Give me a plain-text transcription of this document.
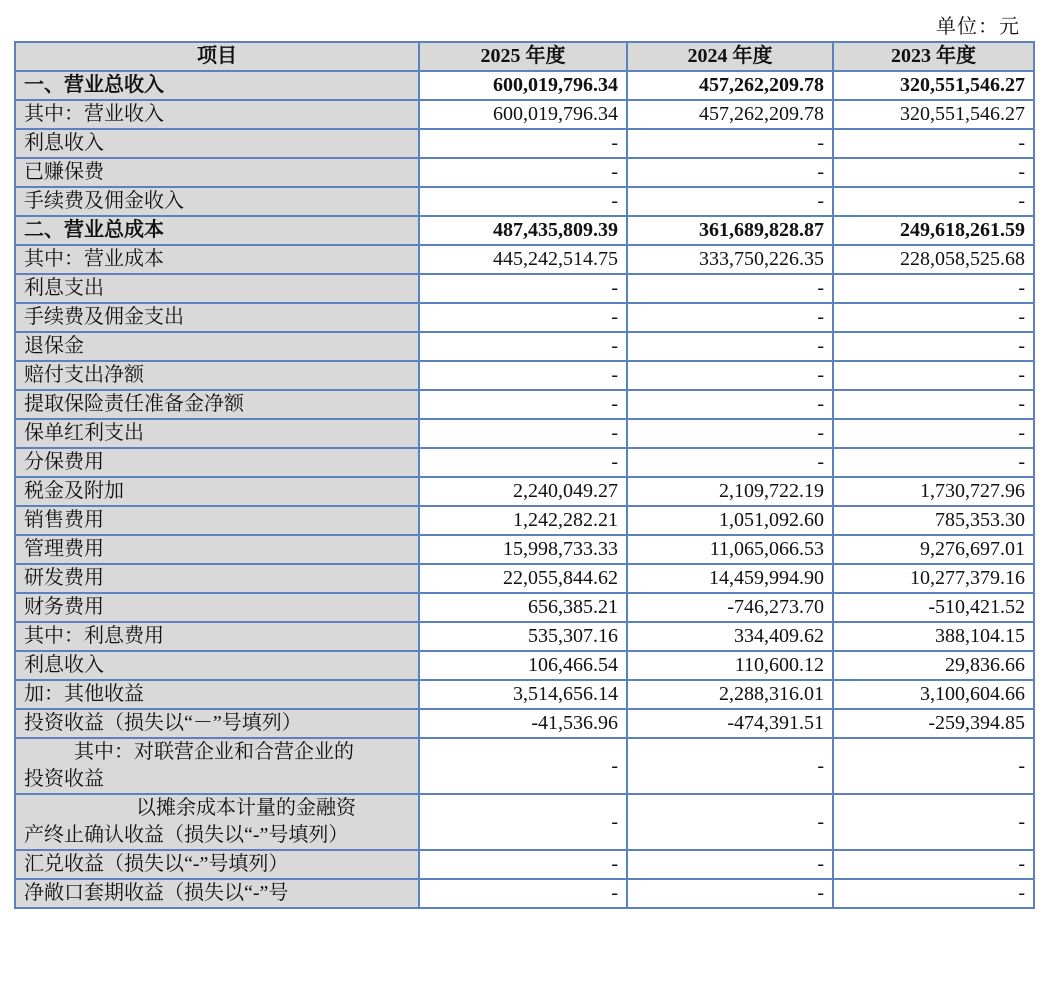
单位：元
项目	2025 年度	2024 年度	2023 年度
一、营业总收入	600,019,796.34	457,262,209.78	320,551,546.27
其中：营业收入	600,019,796.34	457,262,209.78	320,551,546.27
利息收入	-	-	-
已赚保费	-	-	-
手续费及佣金收入	-	-	-
二、营业总成本	487,435,809.39	361,689,828.87	249,618,261.59
其中：营业成本	445,242,514.75	333,750,226.35	228,058,525.68
利息支出	-	-	-
手续费及佣金支出	-	-	-
退保金	-	-	-
赔付支出净额	-	-	-
提取保险责任准备金净额	-	-	-
保单红利支出	-	-	-
分保费用	-	-	-
税金及附加	2,240,049.27	2,109,722.19	1,730,727.96
销售费用	1,242,282.21	1,051,092.60	785,353.30
管理费用	15,998,733.33	11,065,066.53	9,276,697.01
研发费用	22,055,844.62	14,459,994.90	10,277,379.16
财务费用	656,385.21	-746,273.70	-510,421.52
其中：利息费用	535,307.16	334,409.62	388,104.15
利息收入	106,466.54	110,600.12	29,836.66
加：其他收益	3,514,656.14	2,288,316.01	3,100,604.66
投资收益（损失以“－”号填列）	-41,536.96	-474,391.51	-259,394.85

其中：对联营企业和合营企业的
投资收益	-	-	-

以摊余成本计量的金融资
产终止确认收益（损失以“-”号填列）	-	-	-
汇兑收益（损失以“-”号填列）	-	-	-
净敞口套期收益（损失以“-”号	-	-	-
